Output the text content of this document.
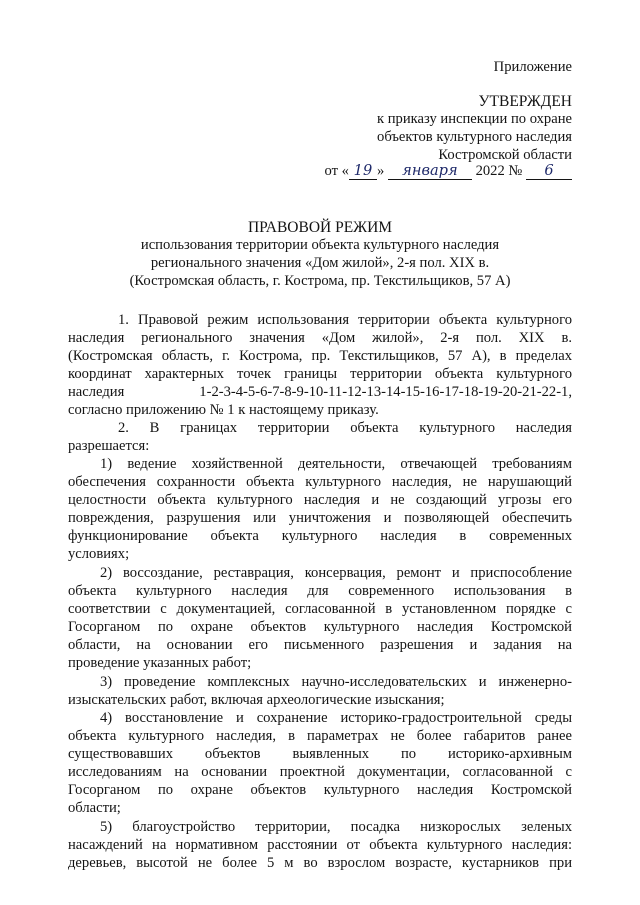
Приложение
УТВЕРЖДЕН
к приказу инспекции по охране
объектов культурного наследия
Костромской области
от « 19 » января 2022 № 6
ПРАВОВОЙ РЕЖИМ
использования территории объекта культурного наследия
регионального значения «Дом жилой», 2-я пол. XIX в.
(Костромская область, г. Кострома, пр. Текстильщиков, 57 А)
1. Правовой режим использования территории объекта культурного
наследия регионального значения «Дом жилой», 2-я пол. XIX в.
(Костромская область, г. Кострома, пр. Текстильщиков, 57 А), в пределах
координат характерных точек границы территории объекта культурного
наследия 1-2-3-4-5-6-7-8-9-10-11-12-13-14-15-16-17-18-19-20-21-22-1,
согласно приложению № 1 к настоящему приказу.
2. В границах территории объекта культурного наследия
разрешается:
1) ведение хозяйственной деятельности, отвечающей требованиям
обеспечения сохранности объекта культурного наследия, не нарушающий
целостности объекта культурного наследия и не создающий угрозы его
повреждения, разрушения или уничтожения и позволяющей обеспечить
функционирование объекта культурного наследия в современных
условиях;
2) воссоздание, реставрация, консервация, ремонт и приспособление
объекта культурного наследия для современного использования в
соответствии с документацией, согласованной в установленном порядке с
Госорганом по охране объектов культурного наследия Костромской
области, на основании его письменного разрешения и задания на
проведение указанных работ;
3) проведение комплексных научно-исследовательских и инженерно-
изыскательских работ, включая археологические изыскания;
4) восстановление и сохранение историко-градостроительной среды
объекта культурного наследия, в параметрах не более габаритов ранее
существовавших объектов выявленных по историко-архивным
исследованиям на основании проектной документации, согласованной с
Госорганом по охране объектов культурного наследия Костромской
области;
5) благоустройство территории, посадка низкорослых зеленых
насаждений на нормативном расстоянии от объекта культурного наследия:
деревьев, высотой не более 5 м во взрослом возрасте, кустарников при
